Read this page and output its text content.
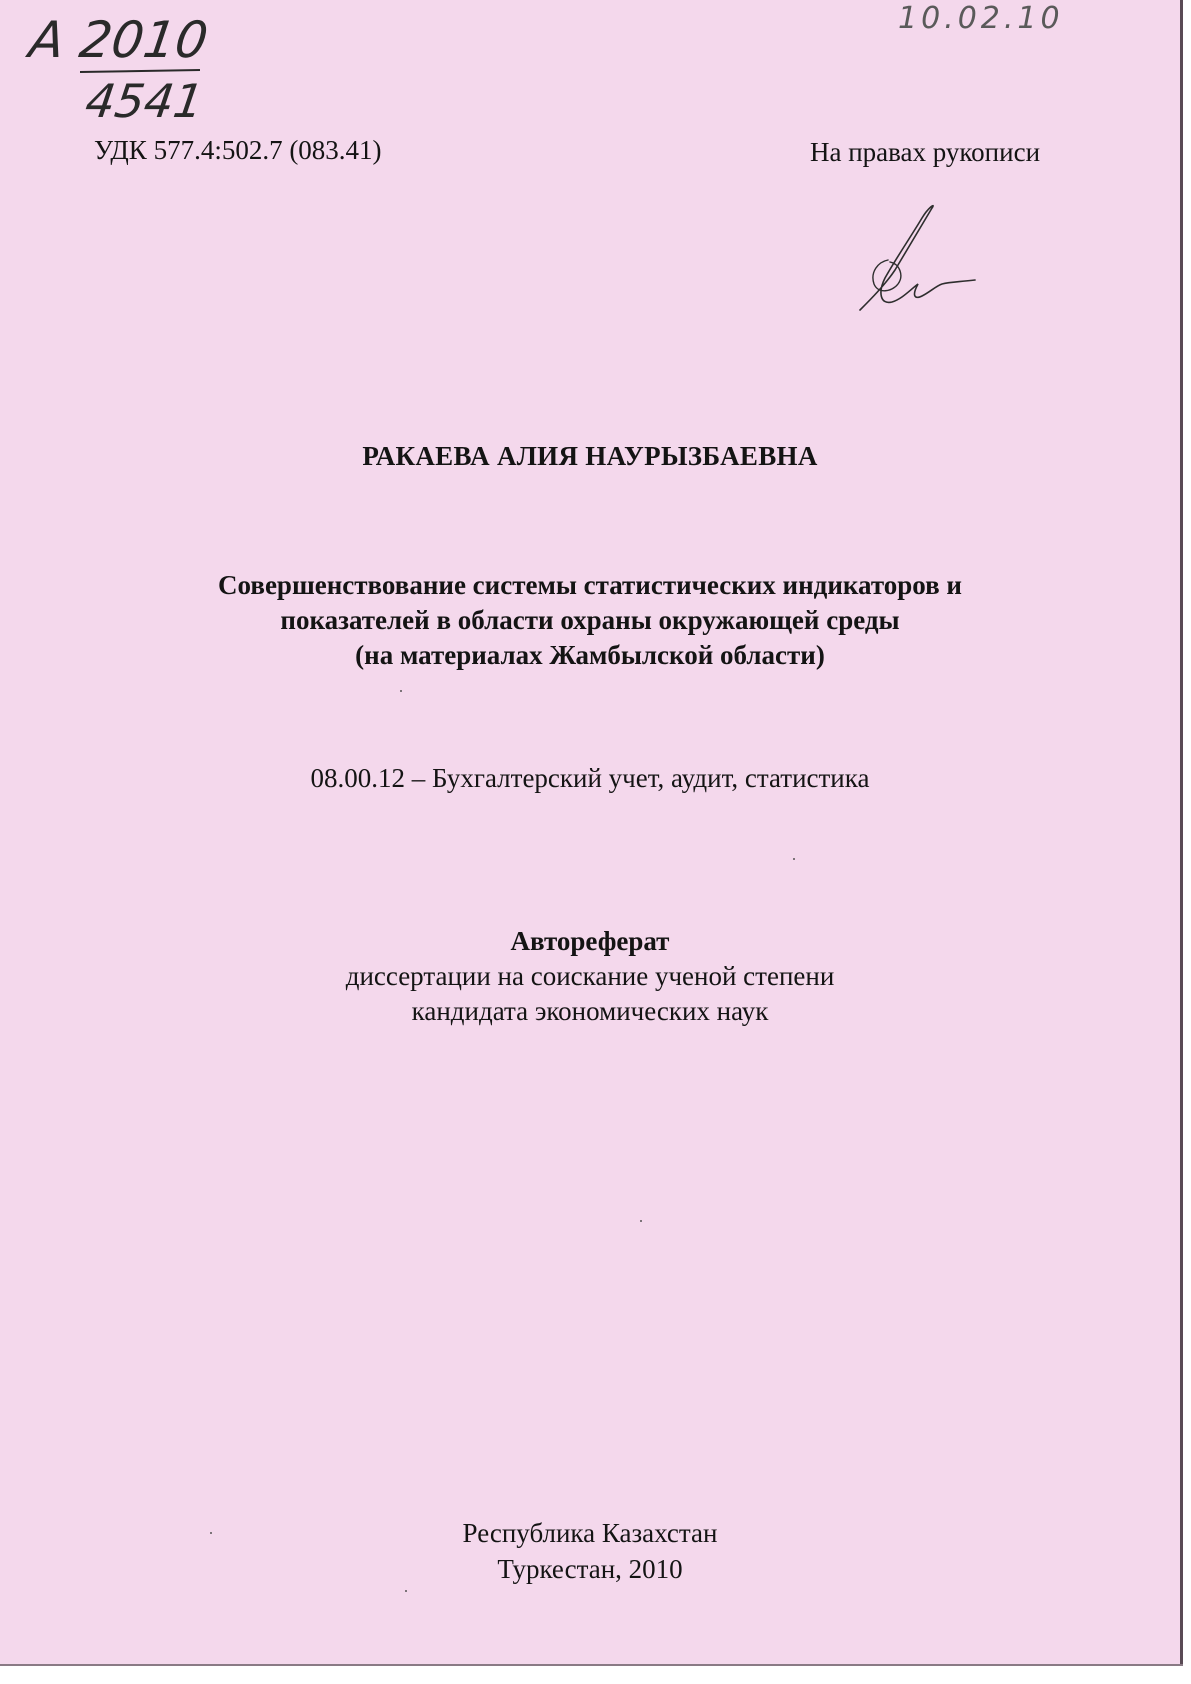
A 2010
4541
10.02.10
УДК 577.4:502.7 (083.41)	На правах рукописи
РАКАЕВА АЛИЯ НАУРЫЗБАЕВНА
Совершенствование системы статистических индикаторов и
показателей в области охраны окружающей среды
(на материалах Жамбылской области)
08.00.12 – Бухгалтерский учет, аудит, статистика
Автореферат
диссертации на соискание ученой степени
кандидата экономических наук
Республика Казахстан
Туркестан, 2010
